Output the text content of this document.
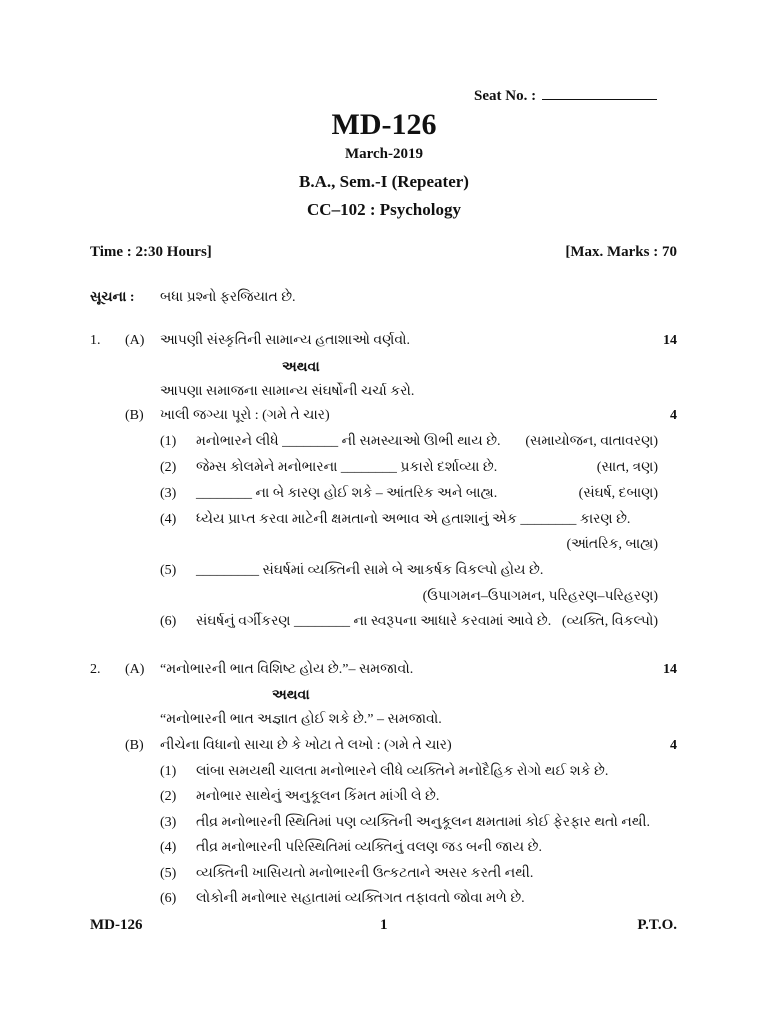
Seat No. :
MD-126
March-2019
B.A., Sem.-I (Repeater)
CC–102 : Psychology
Time : 2:30 Hours]	[Max. Marks : 70
સૂચના : બધા પ્રશ્નો ફરજિયાત છે.
1. (A) આપણી સંસ્કૃતિની સામાન્ય હતાશાઓ વર્ણવો.	14
અથવા
આપણા સમાજના સામાન્ય સંઘર્ષોની ચર્ચા કરો.
(B) ખાલી જગ્યા પૂરો : (ગમે તે ચાર)	4
(1) મનોભારને લીધે ________ ની સમસ્યાઓ ઊભી થાય છે. (સમાયોજન, વાતાવરણ)
(2) જેમ્સ કોલમેને મનોભારના ________ પ્રકારો દર્શાવ્યા છે.	(સાત, ત્રણ)
(3) ________ ના બે કારણ હોઈ શકે – આંતરિક અને બાહ્ય.	(સંઘર્ષ, દબાણ)
(4) ધ્યેય પ્રાપ્ત કરવા માટેની ક્ષમતાનો અભાવ એ હતાશાનું એક ________ કારણ છે.
(આંતરિક, બાહ્ય)
(5) _________ સંઘર્ષમાં વ્યક્તિની સામે બે આકર્ષક વિકલ્પો હોય છે.
(ઉપાગમન–ઉપાગમન, પરિહરણ–પરિહરણ)
(6) સંઘર્ષનું વર્ગીકરણ ________ ના સ્વરૂપના આધારે કરવામાં આવે છે. (વ્યક્તિ, વિકલ્પો)
2. (A) “મનોભારની ભાત વિશિષ્ટ હોય છે.”– સમજાવો.	14
અથવા
“મનોભારની ભાત અજ્ઞાત હોઈ શકે છે.” – સમજાવો.
(B) નીચેના વિધાનો સાચા છે કે ખોટા તે લખો : (ગમે તે ચાર)	4
(1) લાંબા સમયથી ચાલતા મનોભારને લીધે વ્યક્તિને મનોદૈહિક રોગો થઈ શકે છે.
(2) મનોભાર સાથેનું અનુકૂલન કિંમત માંગી લે છે.
(3) તીવ્ર મનોભારની સ્થિતિમાં પણ વ્યક્તિની અનુકૂલન ક્ષમતામાં કોઈ ફેરફાર થતો નથી.
(4) તીવ્ર મનોભારની પરિસ્થિતિમાં વ્યક્તિનું વલણ જડ બની જાય છે.
(5) વ્યક્તિની ખાસિયતો મનોભારની ઉત્કટતાને અસર કરતી નથી.
(6) લોકોની મનોભાર સહાતામાં વ્યક્તિગત તફાવતો જોવા મળે છે.
MD-126	1	P.T.O.
